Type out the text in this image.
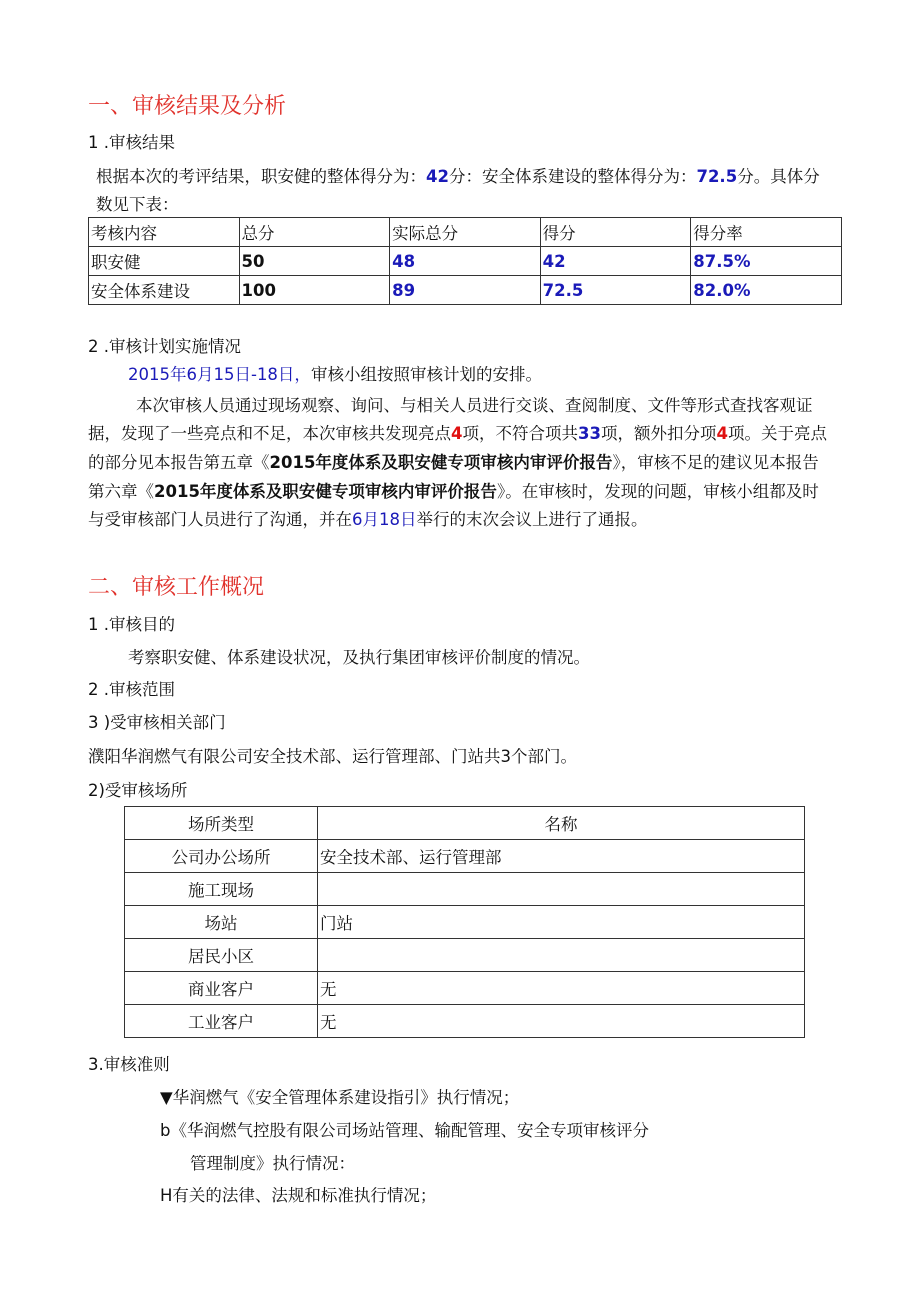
一、审核结果及分析
1 .审核结果
根据本次的考评结果，职安健的整体得分为：42分：安全体系建设的整体得分为：72.5分。具体分
数见下表：
考核内容	总分	实际总分	得分	得分率
职安健	50	48	42	87.5%
安全体系建设	100	89	72.5	82.0%
2 .审核计划实施情况
2015年6月15日-18日，审核小组按照审核计划的安排。
本次审核人员通过现场观察、询问、与相关人员进行交谈、查阅制度、文件等形式查找客观证
据，发现了一些亮点和不足，本次审核共发现亮点4项，不符合项共33项，额外扣分项4项。关于亮点
的部分见本报告第五章《2015年度体系及职安健专项审核内审评价报告》，审核不足的建议见本报告
第六章《2015年度体系及职安健专项审核内审评价报告》。在审核时，发现的问题，审核小组都及时
与受审核部门人员进行了沟通，并在6月18日举行的末次会议上进行了通报。
二、审核工作概况
1 .审核目的
考察职安健、体系建设状况，及执行集团审核评价制度的情况。
2 .审核范围
3 )受审核相关部门
濮阳华润燃气有限公司安全技术部、运行管理部、门站共3个部门。
2)受审核场所
场所类型	名称
公司办公场所	安全技术部、运行管理部
施工现场	
场站	门站
居民小区	
商业客户	无
工业客户	无
3.审核准则
▼华润燃气《安全管理体系建设指引》执行情况；
b《华润燃气控股有限公司场站管理、输配管理、安全专项审核评分
管理制度》执行情况：
H有关的法律、法规和标准执行情况；
